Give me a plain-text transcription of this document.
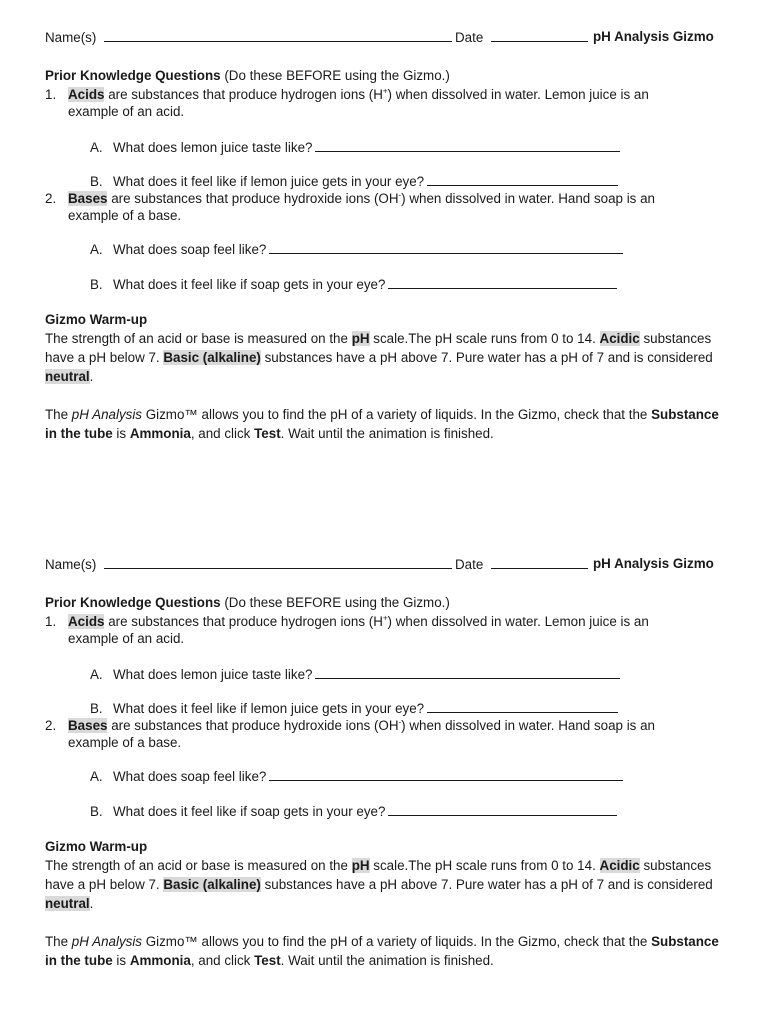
Name(s)	Date	pH Analysis Gizmo
Prior Knowledge Questions (Do these BEFORE using the Gizmo.)
1. Acids are substances that produce hydrogen ions (H+) when dissolved in water. Lemon juice is an example of an acid.
A. What does lemon juice taste like?
B. What does it feel like if lemon juice gets in your eye?
2. Bases are substances that produce hydroxide ions (OH-) when dissolved in water. Hand soap is an example of a base.
A. What does soap feel like?
B. What does it feel like if soap gets in your eye?
Gizmo Warm-up
The strength of an acid or base is measured on the pH scale.The pH scale runs from 0 to 14. Acidic substances have a pH below 7. Basic (alkaline) substances have a pH above 7. Pure water has a pH of 7 and is considered neutral.
The pH Analysis Gizmo™ allows you to find the pH of a variety of liquids. In the Gizmo, check that the Substance in the tube is Ammonia, and click Test. Wait until the animation is finished.
Name(s)	Date	pH Analysis Gizmo
Prior Knowledge Questions (Do these BEFORE using the Gizmo.)
1. Acids are substances that produce hydrogen ions (H+) when dissolved in water. Lemon juice is an example of an acid.
A. What does lemon juice taste like?
B. What does it feel like if lemon juice gets in your eye?
2. Bases are substances that produce hydroxide ions (OH-) when dissolved in water. Hand soap is an example of a base.
A. What does soap feel like?
B. What does it feel like if soap gets in your eye?
Gizmo Warm-up
The strength of an acid or base is measured on the pH scale.The pH scale runs from 0 to 14. Acidic substances have a pH below 7. Basic (alkaline) substances have a pH above 7. Pure water has a pH of 7 and is considered neutral.
The pH Analysis Gizmo™ allows you to find the pH of a variety of liquids. In the Gizmo, check that the Substance in the tube is Ammonia, and click Test. Wait until the animation is finished.
